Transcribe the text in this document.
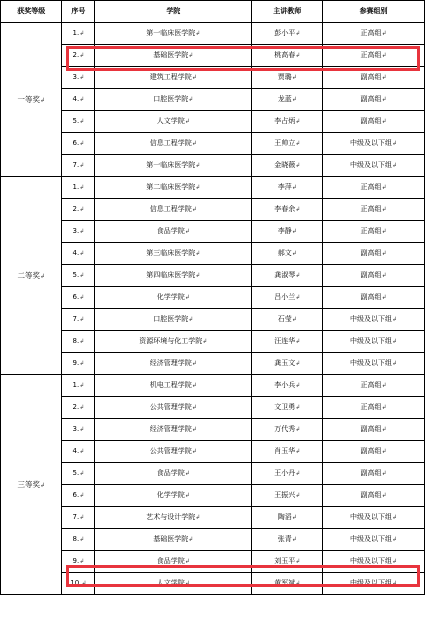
获奖等级	序号	学院	主讲教师	参赛组别
一等奖↲	1.↲	第一临床医学院↲	彭小平↲	正高组↲
	2.↲	基础医学院↲	桃高春↲	正高组↲
	3.↲	建筑工程学院↲	贾璐↲	副高组↲
	4.↲	口腔医学院↲	龙蓝↲	副高组↲
	5.↲	人文学院↲	李占炳↲	副高组↲
	6.↲	信息工程学院↲	王帅立↲	中级及以下组↲
	7.↲	第一临床医学院↲	金晓薇↲	中级及以下组↲
二等奖↲	1.↲	第二临床医学院↲	李萍↲	正高组↲
	2.↲	信息工程学院↲	李春余↲	正高组↲
	3.↲	食品学院↲	李静↲	正高组↲
	4.↲	第三临床医学院↲	郝文↲	副高组↲
	5.↲	第四临床医学院↲	龚淑琴↲	副高组↲
	6.↲	化学学院↲	吕小兰↲	副高组↲
	7.↲	口腔医学院↲	石莹↲	中级及以下组↲
	8.↲	资源环境与化工学院↲	汪连华↲	中级及以下组↲
	9.↲	经济管理学院↲	龚玉文↲	中级及以下组↲
三等奖↲	1.↲	机电工程学院↲	李小兵↲	正高组↲
	2.↲	公共管理学院↲	文卫勇↲	正高组↲
	3.↲	经济管理学院↲	万代秀↲	副高组↲
	4.↲	公共管理学院↲	肖玉华↲	副高组↲
	5.↲	食品学院↲	王小丹↲	副高组↲
	6.↲	化学学院↲	王振兴↲	副高组↲
	7.↲	艺术与设计学院↲	陶滔↲	中级及以下组↲
	8.↲	基础医学院↲	张青↲	中级及以下组↲
	9.↲	食品学院↲	刘玉平↲	中级及以下组↲
	10.↲	人文学院↲	黄军斌↲	中级及以下组↲
